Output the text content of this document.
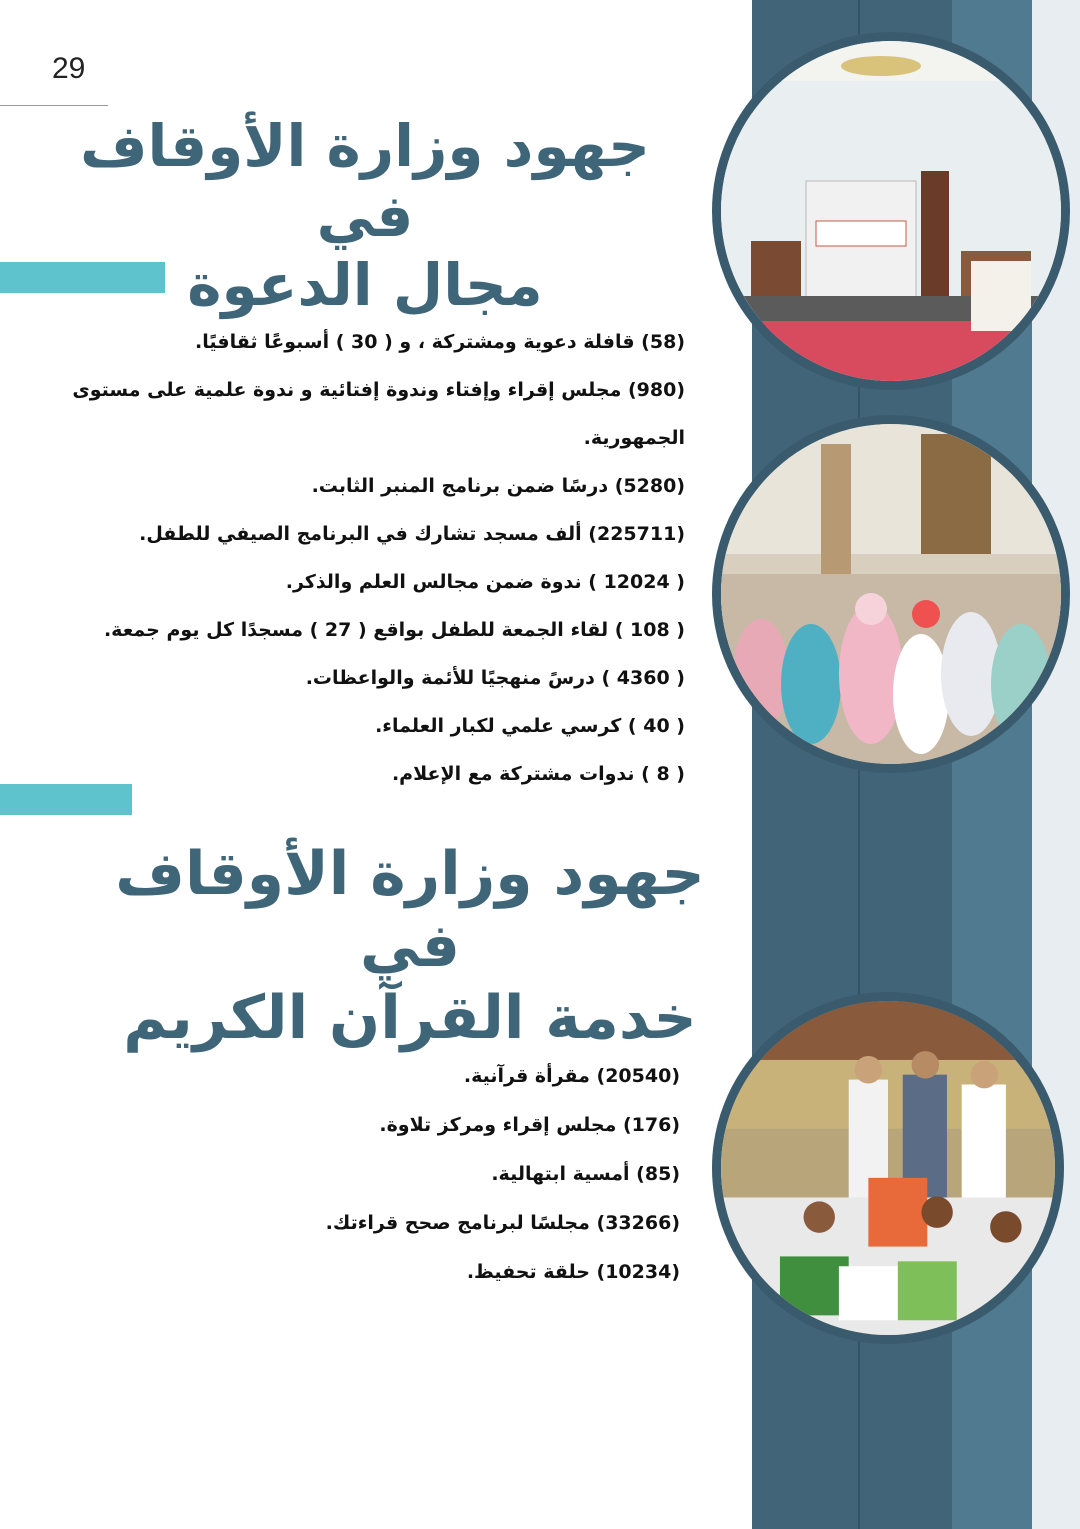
29
جهود وزارة الأوقاف في
مجال الدعوة
(58) قافلة دعوية ومشتركة ، و ( 30 ) أسبوعًا ثقافيًا.
(980) مجلس إقراء وإفتاء وندوة إفتائية و ندوة علمية على مستوى الجمهورية.
(5280) درسًا ضمن برنامج المنبر الثابت.
(225711) ألف مسجد تشارك في البرنامج الصيفي للطفل.
( 12024 ) ندوة ضمن مجالس العلم والذكر.
( 108 ) لقاء الجمعة للطفل بواقع ( 27 ) مسجدًا كل يوم جمعة.
( 4360 ) درسً منهجيًا للأئمة والواعظات.
( 40 ) كرسي علمي لكبار العلماء.
( 8 ) ندوات مشتركة مع الإعلام.
جهود وزارة الأوقاف في
خدمة القرآن الكريم
(20540) مقرأة قرآنية.
(176) مجلس إقراء ومركز تلاوة.
(85) أمسية ابتهالية.
(33266) مجلسًا لبرنامج صحح قراءتك.
(10234) حلقة تحفيظ.
